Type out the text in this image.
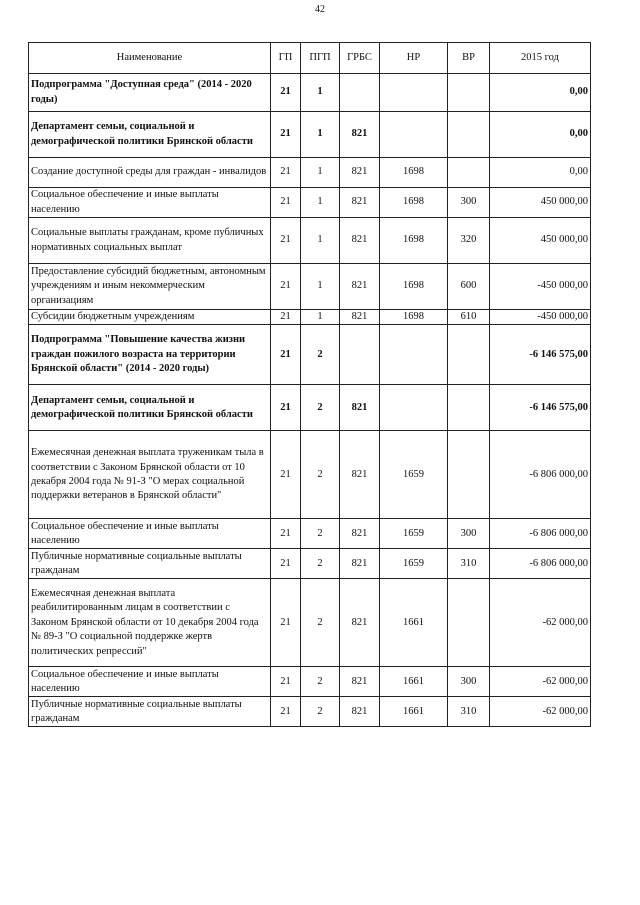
42
Наименование	ГП	ПГП	ГРБС	НР	ВР	2015 год
Подпрограмма "Доступная среда" (2014 - 2020 годы)	21	1				0,00
Департамент семьи, социальной и демографической политики Брянской области	21	1	821			0,00
Создание доступной среды для граждан - инвалидов	21	1	821	1698		0,00
Социальное обеспечение и иные выплаты населению	21	1	821	1698	300	450 000,00
Социальные выплаты гражданам, кроме публичных нормативных социальных выплат	21	1	821	1698	320	450 000,00
Предоставление субсидий бюджетным, автономным учреждениям и иным некоммерческим организациям	21	1	821	1698	600	-450 000,00
Субсидии бюджетным учреждениям	21	1	821	1698	610	-450 000,00
Подпрограмма "Повышение качества жизни граждан пожилого возраста на территории Брянской области" (2014 - 2020 годы)	21	2				-6 146 575,00
Департамент семьи, социальной и демографической политики Брянской области	21	2	821			-6 146 575,00
Ежемесячная денежная выплата труженикам тыла в соответствии с Законом Брянской области от 10 декабря 2004 года № 91-З "О мерах социальной поддержки ветеранов в Брянской области"	21	2	821	1659		-6 806 000,00
Социальное обеспечение и иные выплаты населению	21	2	821	1659	300	-6 806 000,00
Публичные нормативные социальные выплаты гражданам	21	2	821	1659	310	-6 806 000,00
Ежемесячная денежная выплата реабилитированным лицам в соответствии с Законом Брянской области от 10 декабря 2004 года № 89-З "О социальной поддержке жертв политических репрессий"	21	2	821	1661		-62 000,00
Социальное обеспечение и иные выплаты населению	21	2	821	1661	300	-62 000,00
Публичные нормативные социальные выплаты гражданам	21	2	821	1661	310	-62 000,00
